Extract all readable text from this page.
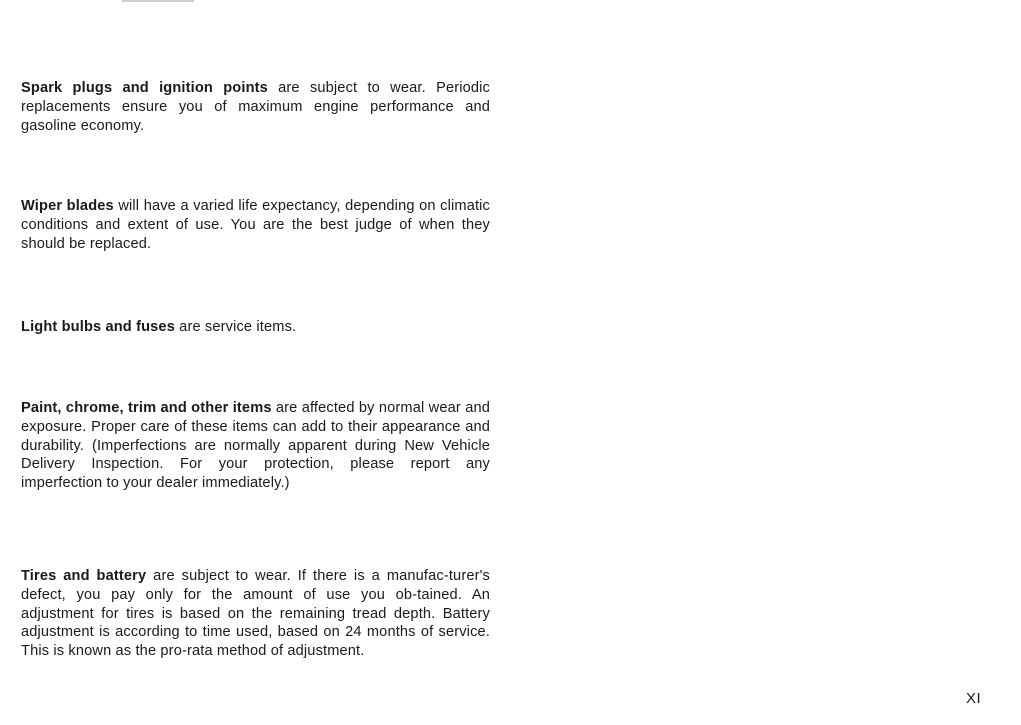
Spark plugs and ignition points are subject to wear. Periodic replacements ensure you of maximum engine performance and gasoline economy.

Wiper blades will have a varied life expectancy, depending on climatic conditions and extent of use. You are the best judge of when they should be replaced.

Light bulbs and fuses are service items.

Paint, chrome, trim and other items are affected by normal wear and exposure. Proper care of these items can add to their appearance and durability. (Imperfections are normally apparent during New Vehicle Delivery Inspection. For your protection, please report any imperfection to your dealer immediately.)

Tires and battery are subject to wear. If there is a manufac-turer's defect, you pay only for the amount of use you ob-tained. An adjustment for tires is based on the remaining tread depth. Battery adjustment is according to time used, based on 24 months of service. This is known as the pro-rata method of adjustment.

XI
